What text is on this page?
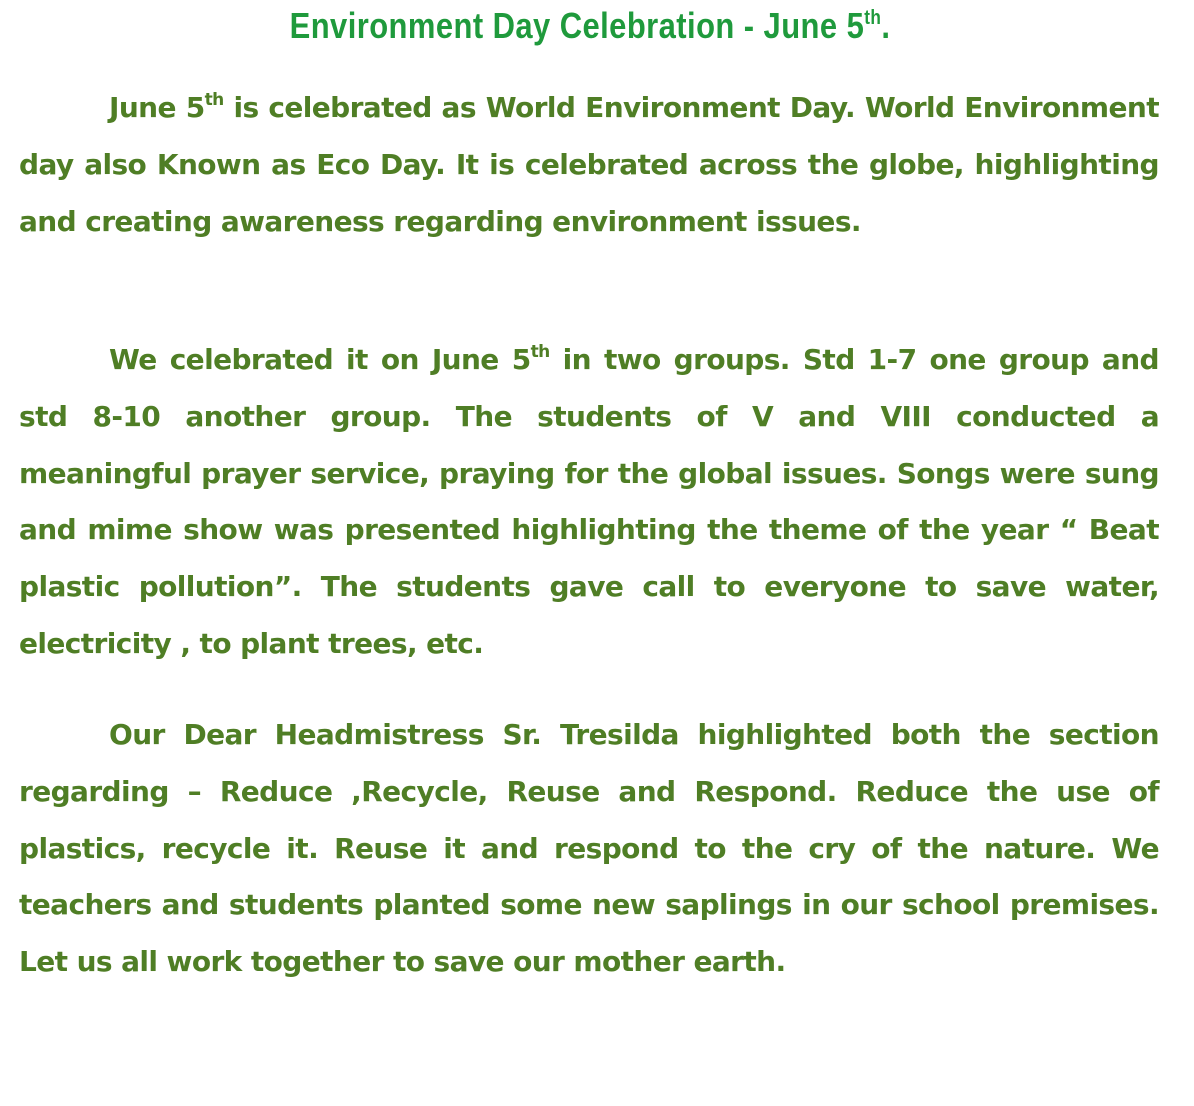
Environment Day Celebration - June 5th.

June 5th is celebrated as World Environment Day. World Environment day also Known as Eco Day. It is celebrated across the globe, highlighting and creating awareness regarding environment issues.

We celebrated it on June 5th in two groups. Std 1-7 one group and std 8-10 another group. The students of V and VIII conducted a meaningful prayer service, praying for the global issues. Songs were sung and mime show was presented highlighting the theme of the year “ Beat plastic pollution”. The students gave call to everyone to save water, electricity , to plant trees, etc.

Our Dear Headmistress Sr. Tresilda highlighted both the section regarding – Reduce ,Recycle, Reuse and Respond. Reduce the use of plastics, recycle it. Reuse it and respond to the cry of the nature. We teachers and students planted some new saplings in our school premises. Let us all work together to save our mother earth.
